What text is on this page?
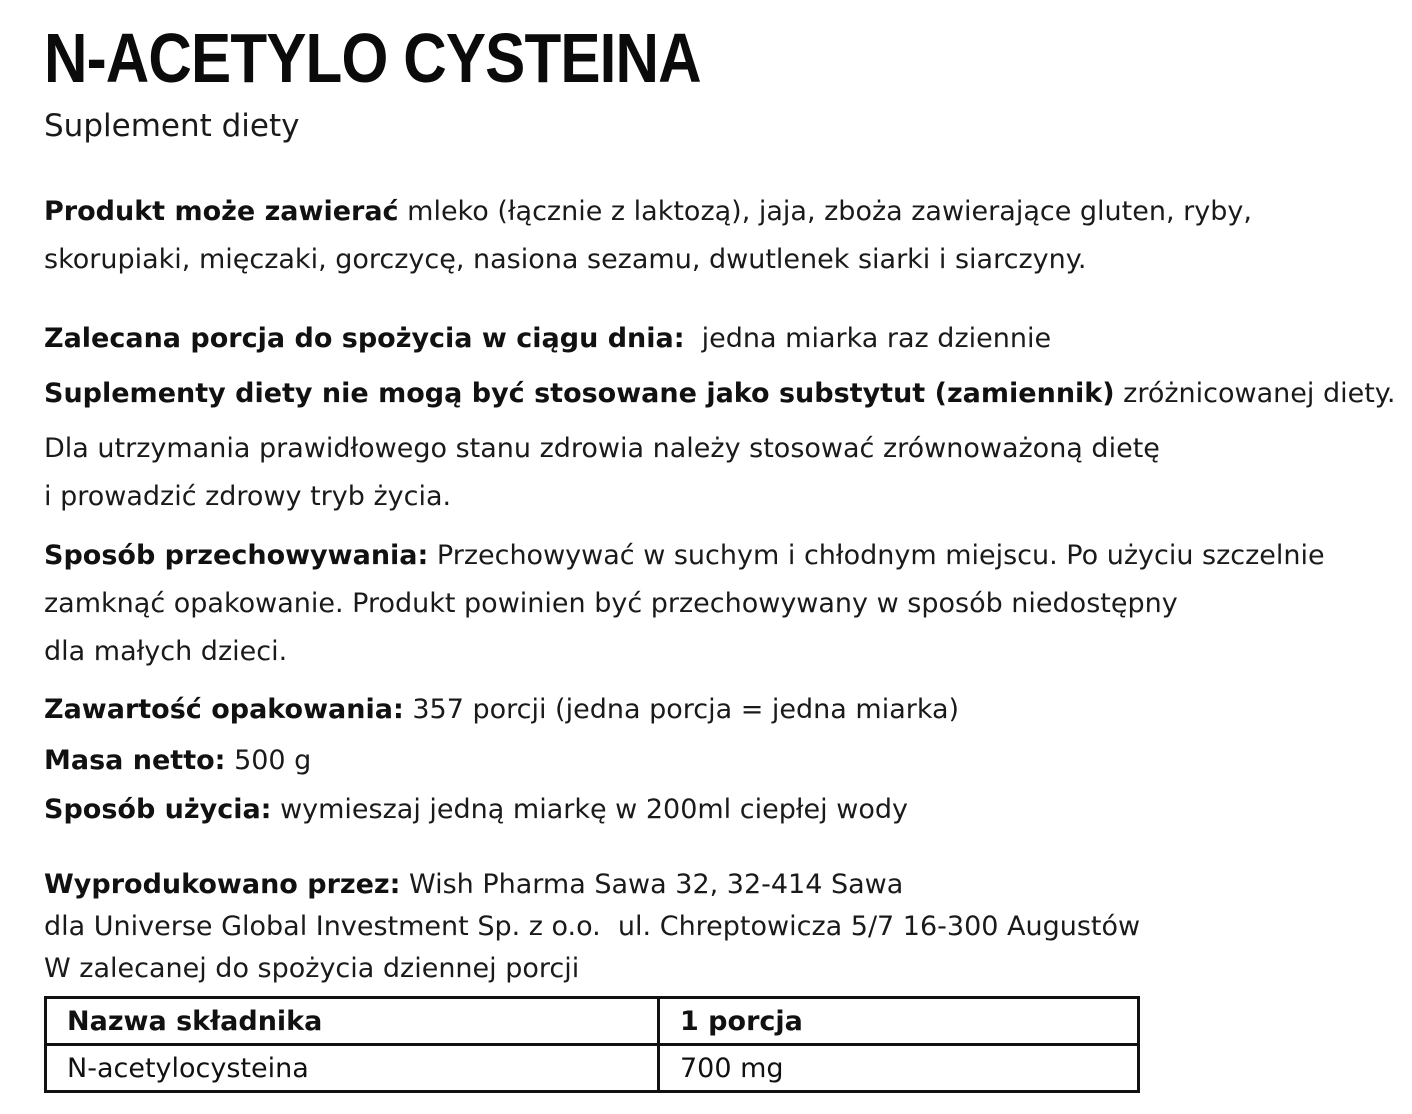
N-ACETYLO CYSTEINA
Suplement diety
Produkt może zawierać mleko (łącznie z laktozą), jaja, zboża zawierające gluten, ryby,
skorupiaki, mięczaki, gorczycę, nasiona sezamu, dwutlenek siarki i siarczyny.
Zalecana porcja do spożycia w ciągu dnia:  jedna miarka raz dziennie
Suplementy diety nie mogą być stosowane jako substytut (zamiennik) zróżnicowanej diety.
Dla utrzymania prawidłowego stanu zdrowia należy stosować zrównoważoną dietę
i prowadzić zdrowy tryb życia.
Sposób przechowywania: Przechowywać w suchym i chłodnym miejscu. Po użyciu szczelnie
zamknąć opakowanie. Produkt powinien być przechowywany w sposób niedostępny
dla małych dzieci.
Zawartość opakowania: 357 porcji (jedna porcja = jedna miarka)
Masa netto: 500 g
Sposób użycia: wymieszaj jedną miarkę w 200ml ciepłej wody
Wyprodukowano przez: Wish Pharma Sawa 32, 32-414 Sawa
dla Universe Global Investment Sp. z o.o.  ul. Chreptowicza 5/7 16-300 Augustów
W zalecanej do spożycia dziennej porcji
Nazwa składnika	1 porcja
N-acetylocysteina	700 mg
